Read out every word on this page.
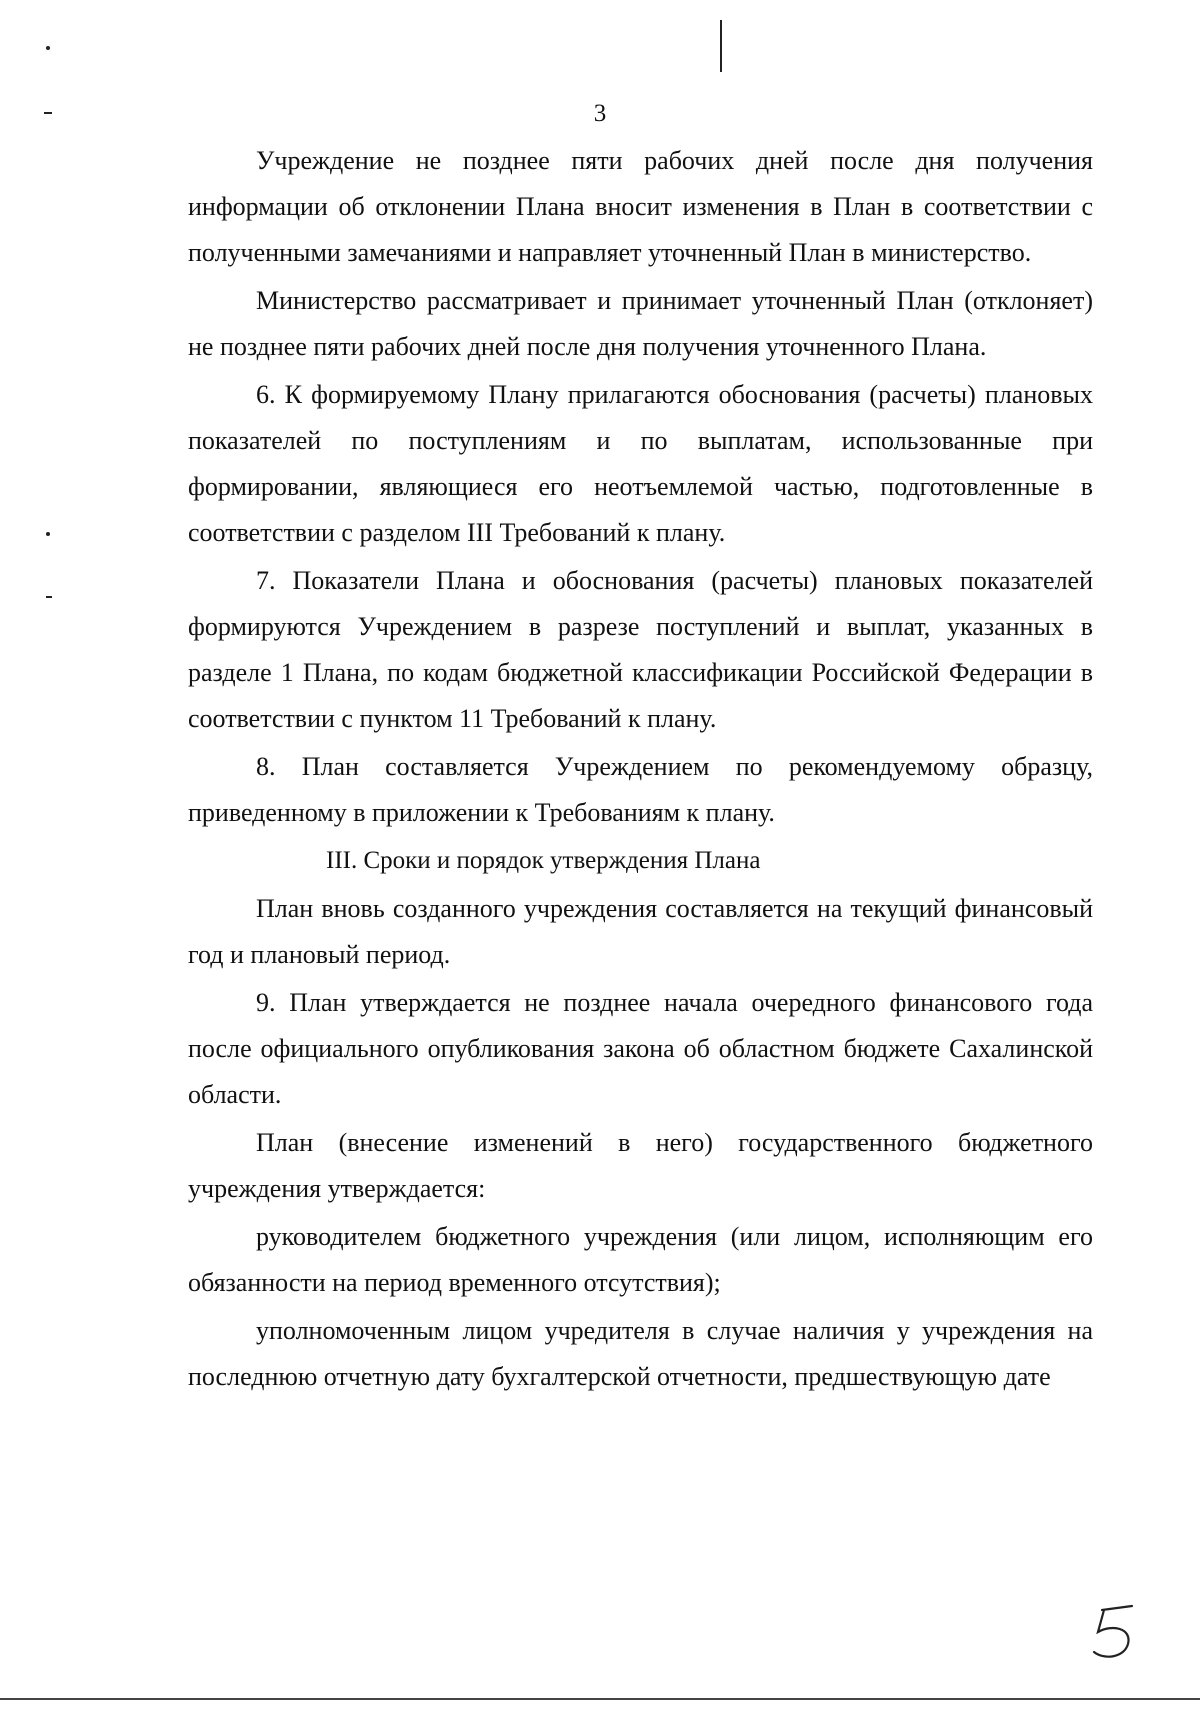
3

Учреждение не позднее пяти рабочих дней после дня получения информации об отклонении Плана вносит изменения в План в соответствии с полученными замечаниями и направляет уточненный План в министерство.

Министерство рассматривает и принимает уточненный План (отклоняет) не позднее пяти рабочих дней после дня получения уточненного Плана.

6. К формируемому Плану прилагаются обоснования (расчеты) плановых показателей по поступлениям и по выплатам, использованные при формировании, являющиеся его неотъемлемой частью, подготовленные в соответствии с разделом III Требований к плану.

7. Показатели Плана и обоснования (расчеты) плановых показателей формируются Учреждением в разрезе поступлений и выплат, указанных в разделе 1 Плана, по кодам бюджетной классификации Российской Федерации в соответствии с пунктом 11 Требований к плану.

8. План составляется Учреждением по рекомендуемому образцу, приведенному в приложении к Требованиям к плану.

III. Сроки и порядок утверждения Плана

План вновь созданного учреждения составляется на текущий финансовый год и плановый период.

9. План утверждается не позднее начала очередного финансового года после официального опубликования закона об областном бюджете Сахалинской области.

План (внесение изменений в него) государственного бюджетного учреждения утверждается:

руководителем бюджетного учреждения (или лицом, исполняющим его обязанности на период временного отсутствия);

уполномоченным лицом учредителя в случае наличия у учреждения на последнюю отчетную дату бухгалтерской отчетности, предшествующую дате
